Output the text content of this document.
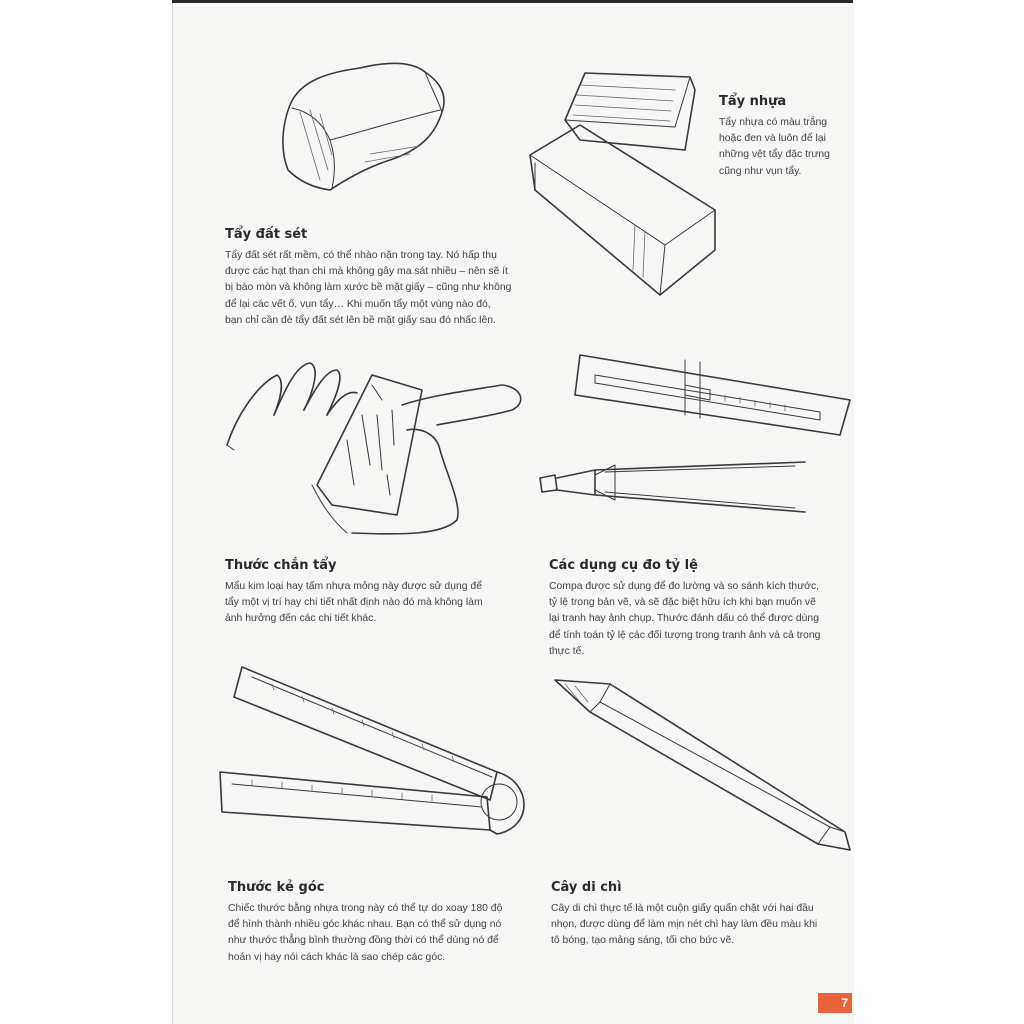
Tẩy nhựa

Tẩy nhựa có màu trắng
hoặc đen và luôn để lại
những vệt tẩy đặc trưng
cũng như vụn tẩy.

Tẩy đất sét

Tẩy đất sét rất mềm, có thể nhào nặn trong tay. Nó hấp thụ
được các hạt than chì mà không gây ma sát nhiều – nên sẽ ít
bị bào mòn và không làm xước bề mặt giấy – cũng như không
để lại các vết ố, vụn tẩy… Khi muốn tẩy một vùng nào đó,
bạn chỉ cần đè tẩy đất sét lên bề mặt giấy sau đó nhấc lên.

Thước chắn tẩy

Mẩu kim loại hay tấm nhựa mỏng này được sử dụng để
tẩy một vị trí hay chi tiết nhất định nào đó mà không làm
ảnh hưởng đến các chi tiết khác.

Các dụng cụ đo tỷ lệ

Compa được sử dụng để đo lường và so sánh kích thước,
tỷ lệ trong bản vẽ, và sẽ đặc biệt hữu ích khi bạn muốn vẽ
lại tranh hay ảnh chụp. Thước đánh dấu có thể được dùng
để tính toán tỷ lệ các đối tượng trong tranh ảnh và cả trong
thực tế.

Thước kẻ góc

Chiếc thước bằng nhựa trong này có thể tự do xoay 180 độ
để hình thành nhiều góc khác nhau. Bạn có thể sử dụng nó
như thước thẳng bình thường đồng thời có thể dùng nó để
hoán vị hay nói cách khác là sao chép các góc.

Cây di chì

Cây di chì thực tế là một cuộn giấy quấn chặt với hai đầu
nhọn, được dùng để làm mịn nét chì hay làm đều màu khi
tô bóng, tạo mảng sáng, tối cho bức vẽ.

7
